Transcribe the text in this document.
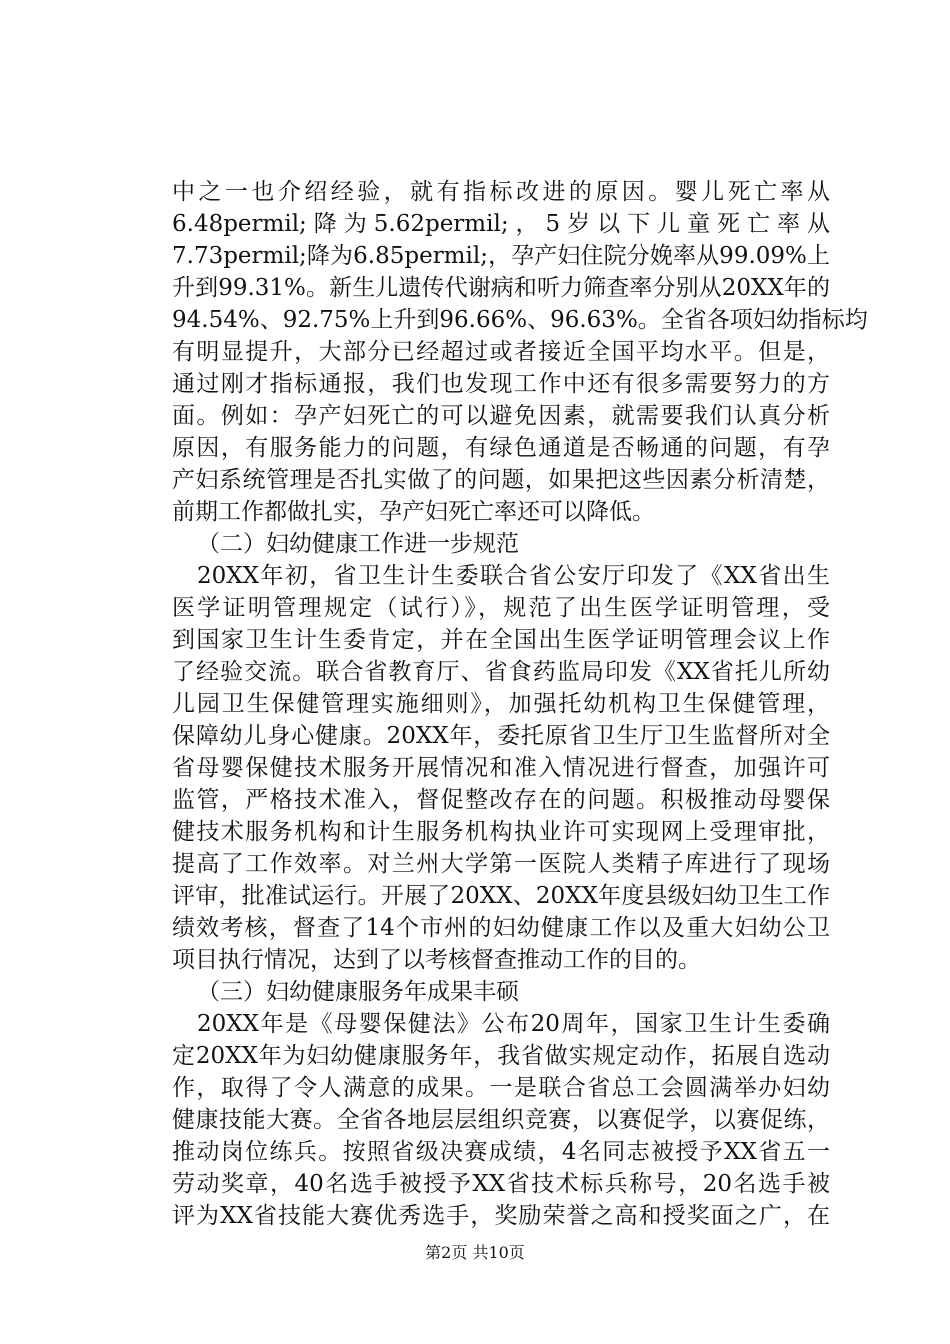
中之一也介绍经验，就有指标改进的原因。婴儿死亡率从
6.48permil;降为5.62permil;，5岁以下儿童死亡率从
7.73permil;降为6.85permil;，孕产妇住院分娩率从99.09%上
升到99.31%。新生儿遗传代谢病和听力筛查率分别从20XX年的
94.54%、92.75%上升到96.66%、96.63%。全省各项妇幼指标均
有明显提升，大部分已经超过或者接近全国平均水平。但是，
通过刚才指标通报，我们也发现工作中还有很多需要努力的方
面。例如：孕产妇死亡的可以避免因素，就需要我们认真分析
原因，有服务能力的问题，有绿色通道是否畅通的问题，有孕
产妇系统管理是否扎实做了的问题，如果把这些因素分析清楚，
前期工作都做扎实，孕产妇死亡率还可以降低。
（二）妇幼健康工作进一步规范
20XX年初，省卫生计生委联合省公安厅印发了《XX省出生
医学证明管理规定（试行）》，规范了出生医学证明管理，受
到国家卫生计生委肯定，并在全国出生医学证明管理会议上作
了经验交流。联合省教育厅、省食药监局印发《XX省托儿所幼
儿园卫生保健管理实施细则》，加强托幼机构卫生保健管理，
保障幼儿身心健康。20XX年，委托原省卫生厅卫生监督所对全
省母婴保健技术服务开展情况和准入情况进行督查，加强许可
监管，严格技术准入，督促整改存在的问题。积极推动母婴保
健技术服务机构和计生服务机构执业许可实现网上受理审批，
提高了工作效率。对兰州大学第一医院人类精子库进行了现场
评审，批准试运行。开展了20XX、20XX年度县级妇幼卫生工作
绩效考核，督查了14个市州的妇幼健康工作以及重大妇幼公卫
项目执行情况，达到了以考核督查推动工作的目的。
（三）妇幼健康服务年成果丰硕
20XX年是《母婴保健法》公布20周年，国家卫生计生委确
定20XX年为妇幼健康服务年，我省做实规定动作，拓展自选动
作，取得了令人满意的成果。一是联合省总工会圆满举办妇幼
健康技能大赛。全省各地层层组织竞赛，以赛促学，以赛促练，
推动岗位练兵。按照省级决赛成绩，4名同志被授予XX省五一
劳动奖章，40名选手被授予XX省技术标兵称号，20名选手被
评为XX省技能大赛优秀选手，奖励荣誉之高和授奖面之广，在
第2页 共10页
